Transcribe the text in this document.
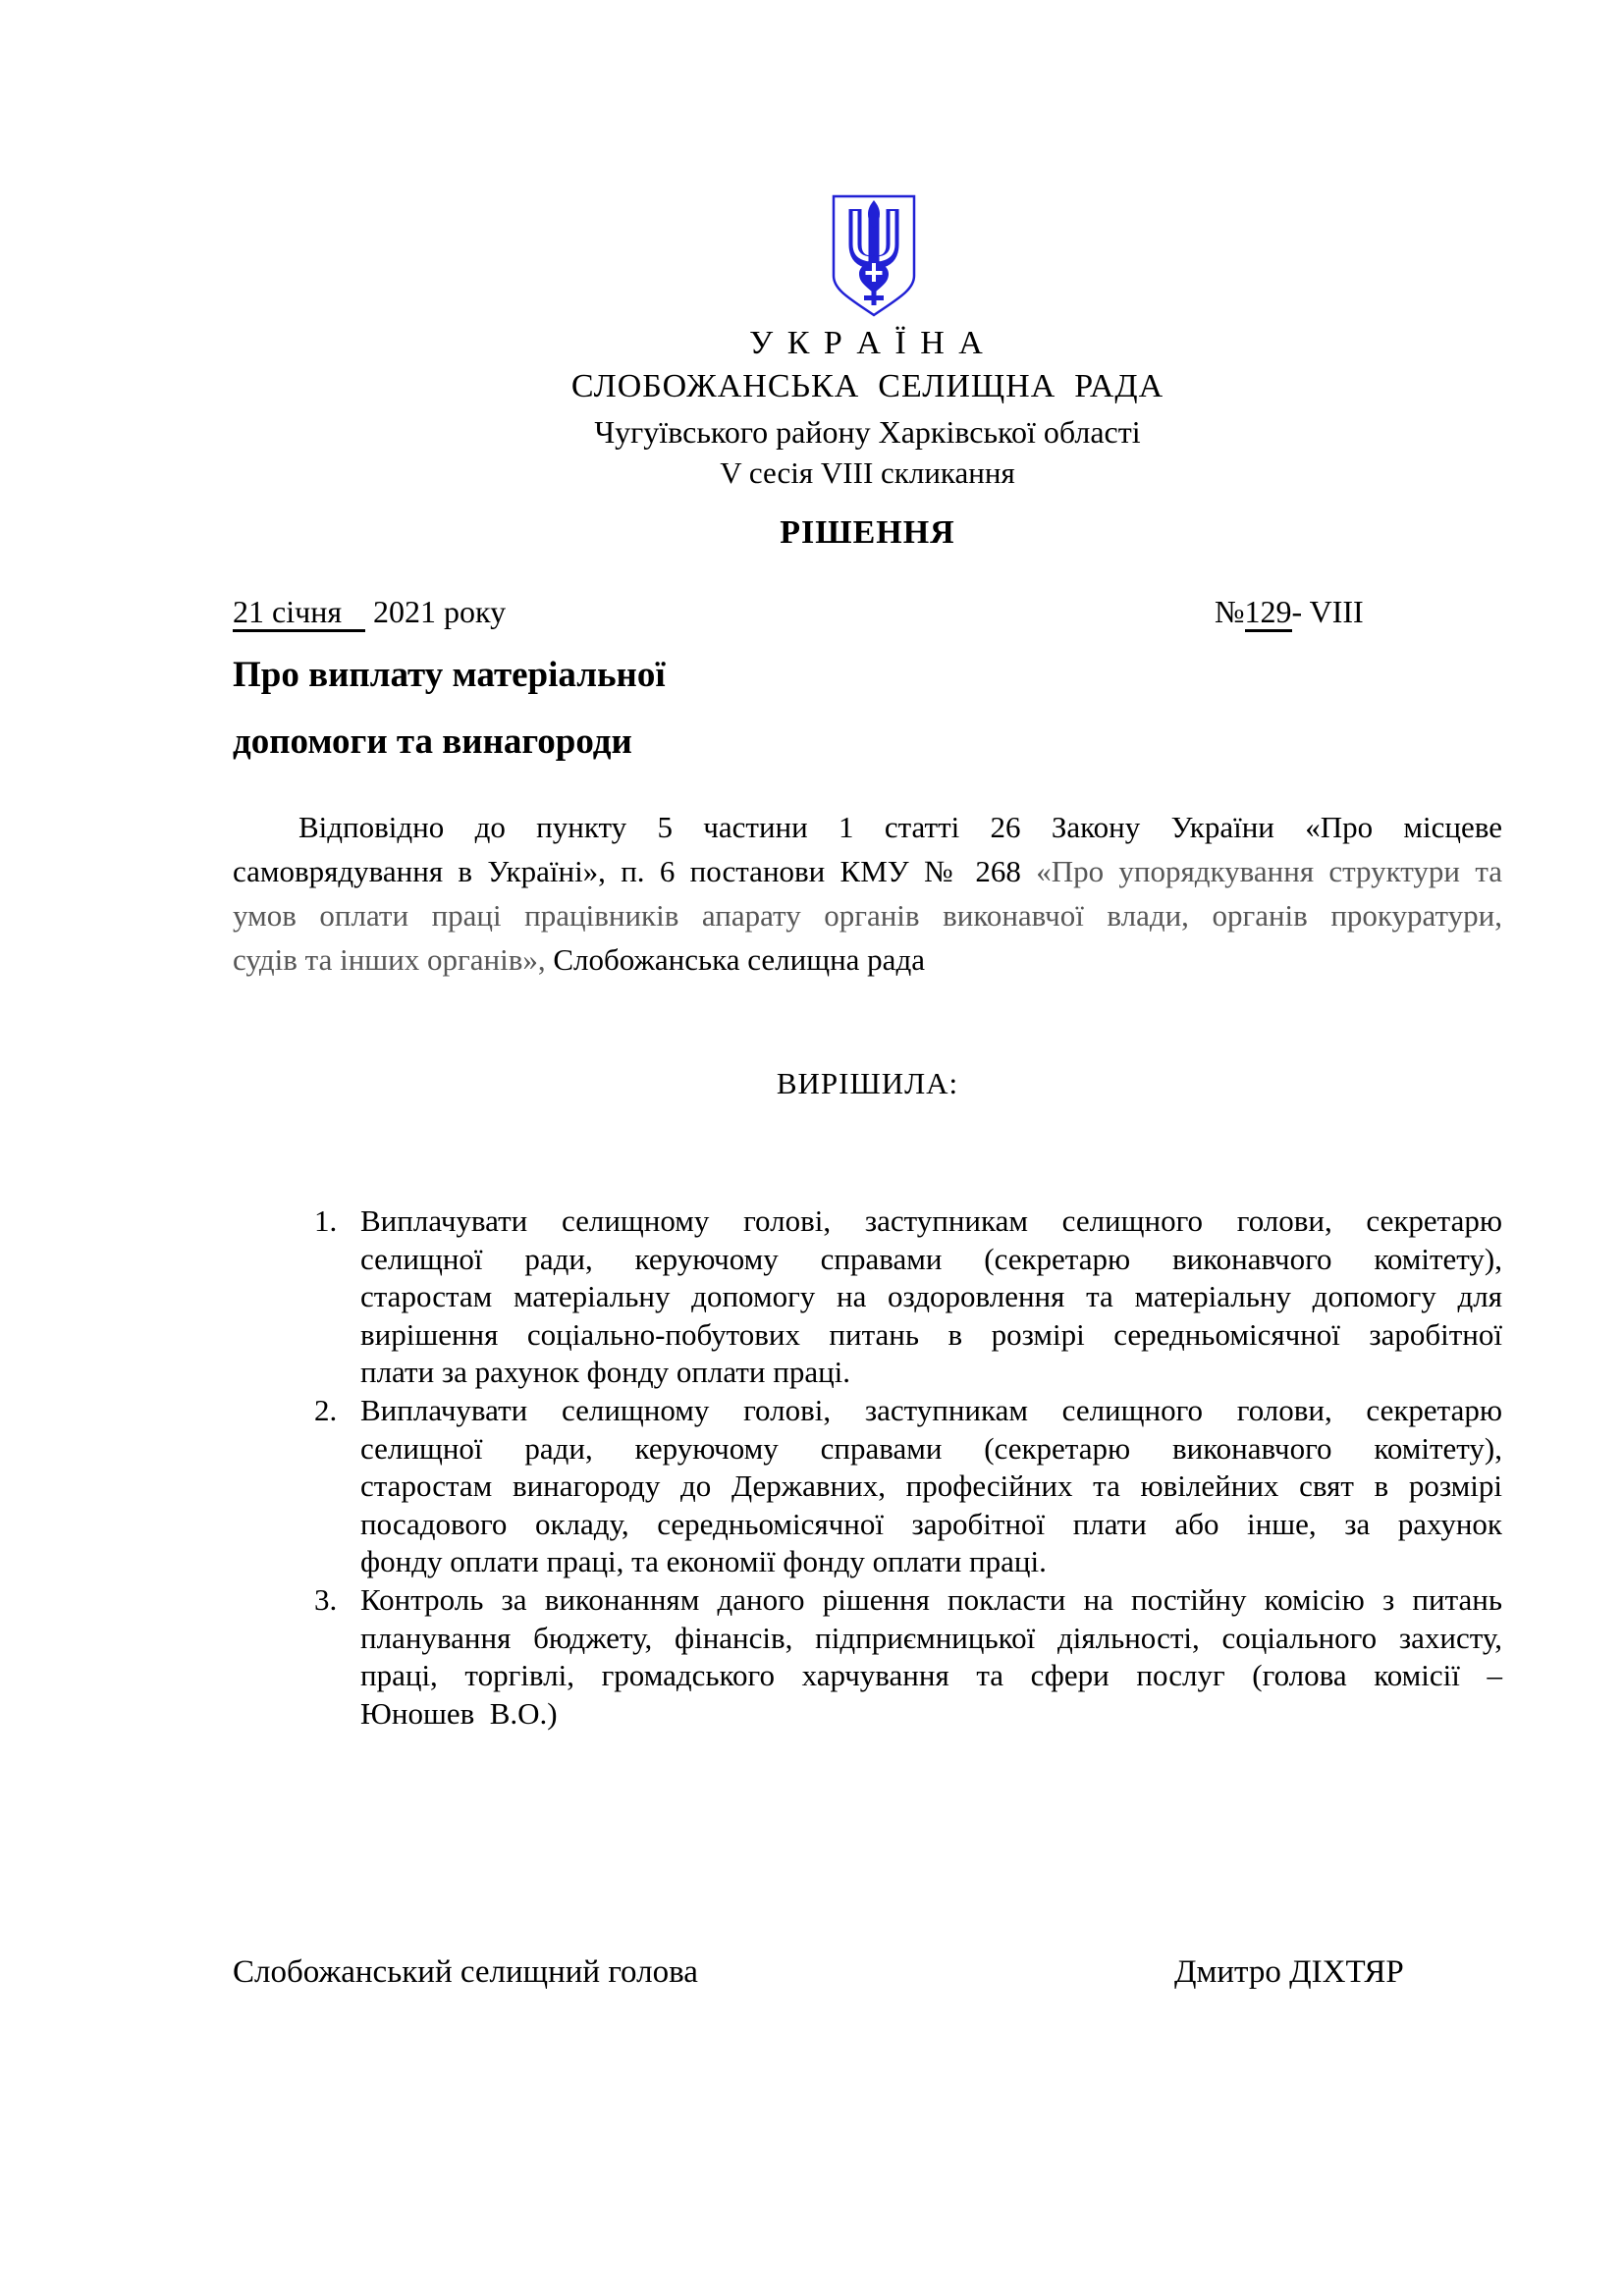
У К Р А Ї Н А
СЛОБОЖАНСЬКА  СЕЛИЩНА  РАДА
Чугуївського району Харківської області
V сесія VIII скликання
РІШЕННЯ
21 січня    2021 року	№129- VIII
Про виплату матеріальної
допомоги та винагороди
Відповідно до пункту 5 частини 1 статті 26 Закону України «Про місцеве
самоврядування в Україні», п. 6 постанови КМУ № 268 «Про упорядкування структури та
умов оплати праці працівників апарату органів виконавчої влади, органів прокуратури,
судів та інших органів», Слобожанська селищна рада
ВИРІШИЛА:
1. Виплачувати селищному голові, заступникам селищного голови, секретарю
селищної ради, керуючому справами (секретарю виконавчого комітету),
старостам матеріальну допомогу на оздоровлення та матеріальну допомогу для
вирішення соціально-побутових питань в розмірі середньомісячної заробітної
плати за рахунок фонду оплати праці.
2. Виплачувати селищному голові, заступникам селищного голови, секретарю
селищної ради, керуючому справами (секретарю виконавчого комітету),
старостам винагороду до Державних, професійних та ювілейних свят в розмірі
посадового окладу, середньомісячної заробітної плати або інше, за рахунок
фонду оплати праці, та економії фонду оплати праці.
3. Контроль за виконанням даного рішення покласти на постійну комісію з питань
планування бюджету, фінансів, підприємницької діяльності, соціального захисту,
праці, торгівлі, громадського харчування та сфери послуг (голова комісії –
Юношев  В.О.)
Слобожанський селищний голова	Дмитро ДІХТЯР
